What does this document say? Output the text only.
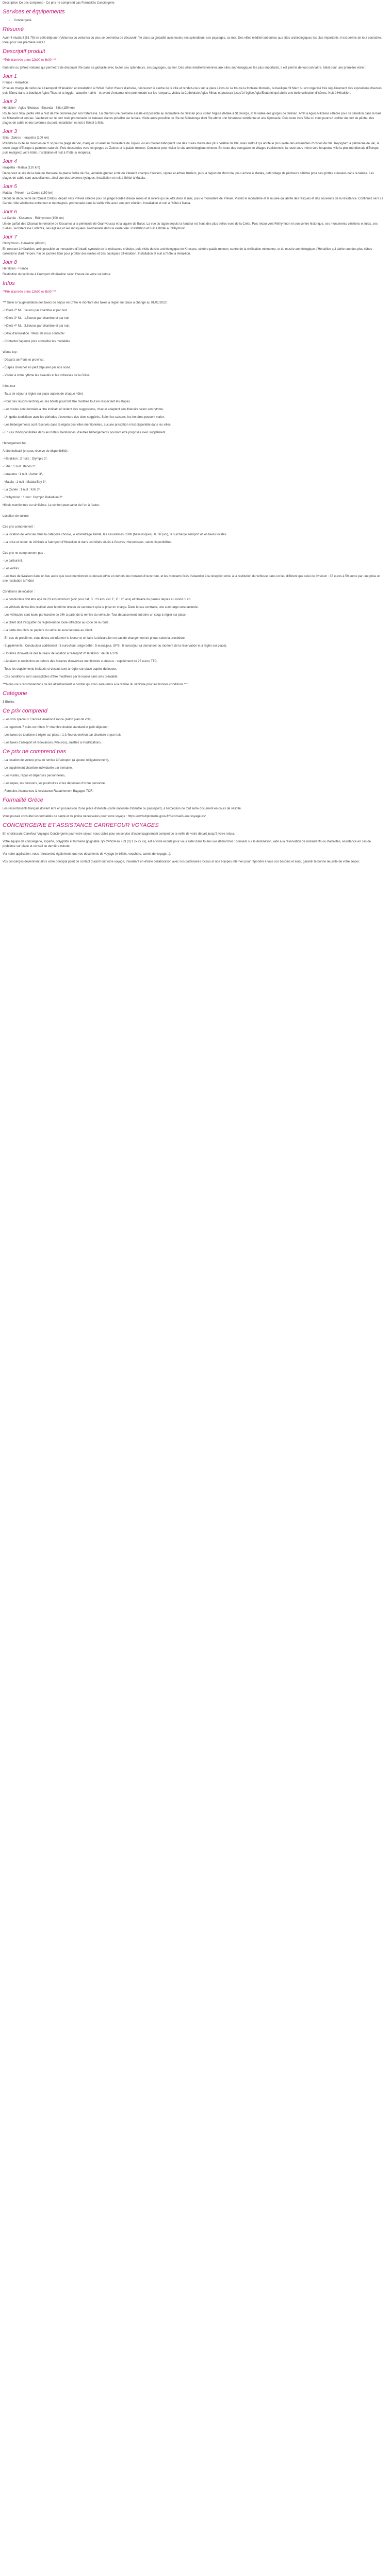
Description Ce prix comprend - Ce prix ne comprend pas Formalités Conciergerie

Services et équipements
• Conciergerie
Résumé

Avoir 4 étudiant (61 79) en petit déjeuner (Voitures) ou voitures) ou plus se permettra de découvrir l'île dans sa globalité avec toutes ses splendeurs, ses paysages, sa mer. Des villes méditerranéennes aux sites archéologiques les plus importants, il est permis de tout connaître. Idéal pour une première visite !

Descriptif produit

**Prix d'arrivée entre 22h00 et 8h00 ***

Itinéraire ou (offrez voitures qui permettra de découvrir l'île dans sa globalité avec toutes ses splendeurs, ses paysages, sa mer. Des villes méditerranéennes aux sites archéologiques les plus importants, il est permis de tout connaître. Idéal pour une première visite !

Jour 1

France - Héraklion

Prise en charge de véhicule à l'aéroport d'Héraklion et installation à l'hôtel. Selon l'heure d'arrivée, découvrez le centre de la ville et rendez-vous sur la place Lions où se trouve la fontaine Morosini, la basilique St Marc ou ont organisé très régulièrement des expositions diverses, puis flânez dans la boutique Agios Titos, et la loggia - actuelle mairie - et avant d'entamer une promenade sur les remparts, visitez la Cathédrale Agios Minas et poussez jusqu'à l'église Agia Ekaterini qui abrite une belle collection d'icônes. Nuit à Héraklion.

Jour 2

Héraklion - Agios Nikolaos - Elounda - Sitia (150 km)

Route pour Sitia, petite ville à l'est de l'île dominée par son forteresse. En chemin une première escale est possible au monastère de Selinari pour visiter l'église dédiée à St George, et la vallée des gorges de Selinari. Arrêt à Agios Nikolaos célèbre pour sa situation dans la baie de Mirabello et son lac. Vaultured sur le port mais promenade de bateaux d'anes possible sur la baie. Visite aussi possible de l'île de Spinalonga dont l'île abrite une forteresse vénitienne et une léproserie. Puis route vers Sitia où vous pourrez profiter du port de pêche, des plages de sable et des tavernes du port. Installation et nuit à l'hôtel à Sitia.

Jour 3

Sitia - Zakros - Ierapetra (100 km)

Prendre la route en direction de l'Est pour la plage de Vaï, marquer un arrêt au monastère de Toplou, où les moines fabriquent une des huiles d'olive des plus célèbre de l'île, mais surtout qui abrite le plus vaste des ensembles d'icônes de l'île. Rejoignez la palmeraie de Vaï, la seule plage d'Europe à palmiers naturels. Puis descendez vers les gorges de Zakros et la palais minoen. Continuer pour visiter le site archéologique minoen. En route des bourgades et villages traditionnels, la route vous mène vers Ierapetra, ville la plus méridionale d'Europe, puis rejoignez votre hôtel. Installation et nuit à l'hôtel à Ierapetra.

Jour 4

Ierapetra - Matala (120 km)

Découvrez le site de la baie de Messara, la plaine fertile de l'île, véritable grenier à blé où s'étalent champs d'oliviers, vignes et arbres fruitiers, puis la région du Mont Ida, pour arriver à Matala, petit village de pêcheurs célèbre pour ses grottes creusées dans la falaise. Les plages de sable sont accueillantes, ainsi que des tavernes typiques. Installation et nuit à l'hôtel à Matala.

Jour 5

Matala - Préveli - La Canée (150 km)

Début de découverte de l'Ouest Crétois, depart vers Préveli célèbre pour sa plage bordée d'eaux roses et la rivière qui se jette dans la mer, puis le monastère de Préveli. Visitez le monastère et le musée qui abrite des reliques et des souvenirs de la résistance. Continuez vers La Canée, ville vénitienne entre mer et montagnes, promenade dans la vieille ville avec son port vénitien. Installation et nuit à l'hôtel à Kania.

Jour 6

La Canée - Kissamos - Réthymnon (100 km)

Un de parfait des Chanias le remonte de Kissamos à la péninsule de Gramvoussa et la lagune de Balos. La vue du lagon depuis la hauteur est l'une des plus belles vues de la Crète. Puis retour vers Réthymnon et son centre historique, ses monuments vénitiens et turcs, ses ruelles, sa forteresse Fortezza, ses églises et ses mosquées. Promenade dans la vieille ville. Installation et nuit à l'hôtel à Réthymnon.

Jour 7

Réthymnon - Héraklion (80 km)

En rentrant à Héraklion, arrêt possible au monastère d'Arkadi, symbole de la résistance crétoise, puis visite du site archéologique de Knossos, célèbre palais minoen, centre de la civilisation minoenne, et du musée archéologique d'Héraklion qui abrite une des plus riches collections d'art minoen. Fin de journée libre pour profiter des ruelles et des boutiques d'Héraklion. Installation et nuit à l'hôtel à Héraklion.

Jour 8

Héraklion - France

Restitution du véhicule à l'aéroport d'Héraklion selon l'heure de votre vol retour.

Infos

**Prix d'arrivée entre 22h00 et 8h00 ***

*** Suite à l'augmentation des taxes de séjour en Crète le montant des taxes à régler sur place a changé au 01/01/2023 :

- Hôtels 2* NL : 1euros par chambre et par nuit

- Hôtels 3* NL : 1,5euros par chambre et par nuit

- Hôtels 4* NL : 3,5euros par chambre et par nuit.

- Délai d'annulation : Merci de nous contacter

- Contacter l'agence pour connaître les modalités

Wants top :

- Départs de Paris et province,

- Étapes chercher en petit déjeuner par nos soins.

- Visitez à votre rythme les beautés et les richesses de la Crète.

Infos tour

- Taux de séjour à régler sur place auprès de chaque hôtel.

- Pour des raisons techniques, les hôtels pourront être modifiés tout en respectant les étapes.

- Les visites sont données à titre indicatif et restent des suggestions, chacun adaptant son itinéraire selon son rythme.

- Un guide touristique avec les périodes d'ouverture des sites suggérés. Selon les saisons, les horaires peuvent varier.

- Les hébergements sont réservés dans la région des villes mentionnées, aucune prestation n'est disponible dans les villes.

- En cas d'indisponibilités dans les hôtels mentionnés, d'autres hébergements pourront être proposés avec supplément.

Hébergement top

À titre indicatif (et sous réserve de disponibilité) :

- Héraklion : 2 nuits : Olympic 3*,

- Sitia : 1 nuit : Itanos 3*,

- Ierapetra : 1 nuit : Astron 3*,

- Matala : 1 nuit : Matala Bay 3*,

- La Canée : 1 nuit : Kriti 3*,

- Réthymnon : 1 nuit : Olympic Palladium 3*.

Hôtels mentionnés ou similaires. Le confort peut varier de l'un à l'autre.

Location de voiture

Ces prix comprennent :

- La location de véhicule dans la catégorie choisie, le kilométrage illimité, les assurances CDW (base risques), la TP (vol), la surcharge aéroport et les taxes locales.

- La prise et retour du véhicule à l'aéroport d'Héraklion et dans les hôtels situés à Gouves, Hersonissos, selon disponibilités.

Ces prix ne comprennent pas :

- Le carburant.

- Les extras.

- Les frais de livraison dans un lieu autre que ceux mentionnés ci-dessus et/ou en dehors des horaires d'ouverture, et les montants fixés d'abandon à la réception et/ou à la restitution du véhicule dans un lieu différent que celui de livraison : 35 euros à 50 euros par une prise et une restitution à l'hôtel.

Conditions de location :

- Le conducteur doit être âgé de 23 ans minimum (voir pour cat. B : 23 ans; cat. E, G : 25 ans) et titulaire du permis depuis au moins 1 an.

- Le véhicule devra être restitué avec le même niveau de carburant qu'à la prise en charge. Dans le cas contraire, une surcharge sera facturée.

- Les véhicules sont loués par tranche de 24h à partir de la remise du véhicule. Tout dépassement entraîne un coup à régler sur place.

- Le client doit s'acquitter du règlement de toute infraction au code de la route.

- La perte des clefs ou papiers du véhicule sera facturée au client.

- En cas de problème, vous devez en informer le loueur et en faire la déclaration en cas de changement de pneus selon la procédure.

- Suppléments : Conducteur additionnel : 3 euros/jour, siège bébé : 5 euros/jour, GPS : 8 euros/jour (à demander au moment de la réservation et à régler sur place).

- Horaires d'ouverture des bureaux de location à l'aéroport d'Héraklion : de 8h à 22h.

- Livraison et restitution en dehors des horaires d'ouverture mentionnés ci-dessus : supplément de 25 euros TTC.

- Tous les suppléments indiqués ci-dessus sont à régler sur place auprès du loueur.

- Ces conditions sont susceptibles d'être modifiées par le loueur sans avis préalable.

***Nous vous recommandons de lire attentivement le contrat qui vous sera remis à la remise du véhicule pour les bonnes conditions ***

Catégorie

3 Etoiles

Ce prix comprend

- Les vols spéciaux France/Héraklion/France (selon plan de vols),

- Le logement 7 nuits en hôtels 3* chambre double standard et petit déjeuner,

- Les taxes de tourisme à régler sur place : 1 à 4euros environ par chambre et par nuit,

- Les taxes d'aéroport et redevances (40euros), sujettes à modifications.

Ce prix ne comprend pas

- La location de voiture prise et remise à l'aéroport (à ajouter obligatoirement),

- Le supplément chambre individuelle par semaine,

- Les visites, repas et dépenses personnelles,

- Les repas, les boissons, les pourboires et les dépenses d'ordre personnel,

- Formules Assurances & Assistance Rapatriement Bagages TOR.

Formalité Grèce

Les ressortissants français doivent être en possession d'une pièce d'identité (carte nationale d'identité ou passeport), à l'exception de tout autre document en cours de validité.

Vous pouvez consulter les formalités de santé et de police nécessaires pour votre voyage : https://www.diplomatie.gouv.fr/fr/conseils-aux-voyageurs/

CONCIERGERIE ET ASSISTANCE CARREFOUR VOYAGES

En choisissant Carrefour Voyages Conciergerie pour votre séjour, vous optez pour un service d'accompagnement complet de la veille de votre départ jusqu'à votre retour.

Votre équipe de conciergerie, experte, polyglotte et humaine (joignable 7j/7 24h/24 au +33 (0) 1 xx xx xx), est à votre écoute pour vous aider dans toutes vos démarches : conseils sur la destination, aide à la réservation de restaurants ou d'activités, assistance en cas de problème sur place et conseil de dernière minute.

Via notre application, vous retrouverez également tous vos documents de voyage (e-billets, vouchers, carnet de voyage...).

Vos concierges deviennent alors votre principal point de contact durant tout votre voyage, travaillant en étroite collaboration avec nos partenaires locaux et nos équipes internes pour répondre à tous vos besoins et ainsi, garantir la bonne réussite de votre séjour.
